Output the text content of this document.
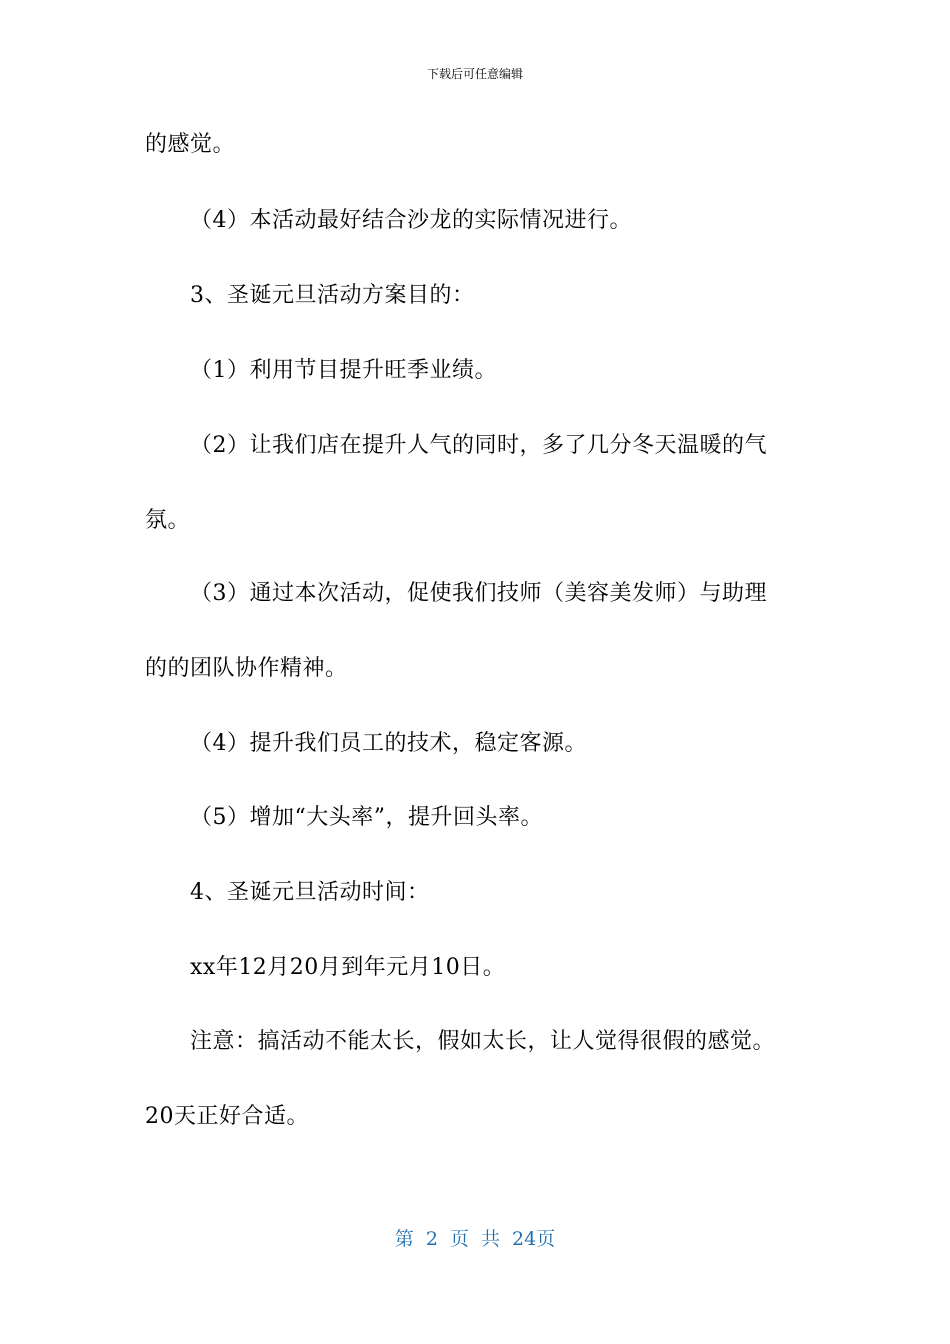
下载后可任意编辑
的感觉。
（4）本活动最好结合沙龙的实际情况进行。
3、圣诞元旦活动方案目的：
（1）利用节目提升旺季业绩。
（2）让我们店在提升人气的同时，多了几分冬天温暖的气
氛。
（3）通过本次活动，促使我们技师（美容美发师）与助理
的的团队协作精神。
（4）提升我们员工的技术，稳定客源。
（5）增加“大头率”，提升回头率。
4、圣诞元旦活动时间：
xx年12月20月到年元月10日。
注意：搞活动不能太长，假如太长，让人觉得很假的感觉。
20天正好合适。
第 2 页 共 24页
